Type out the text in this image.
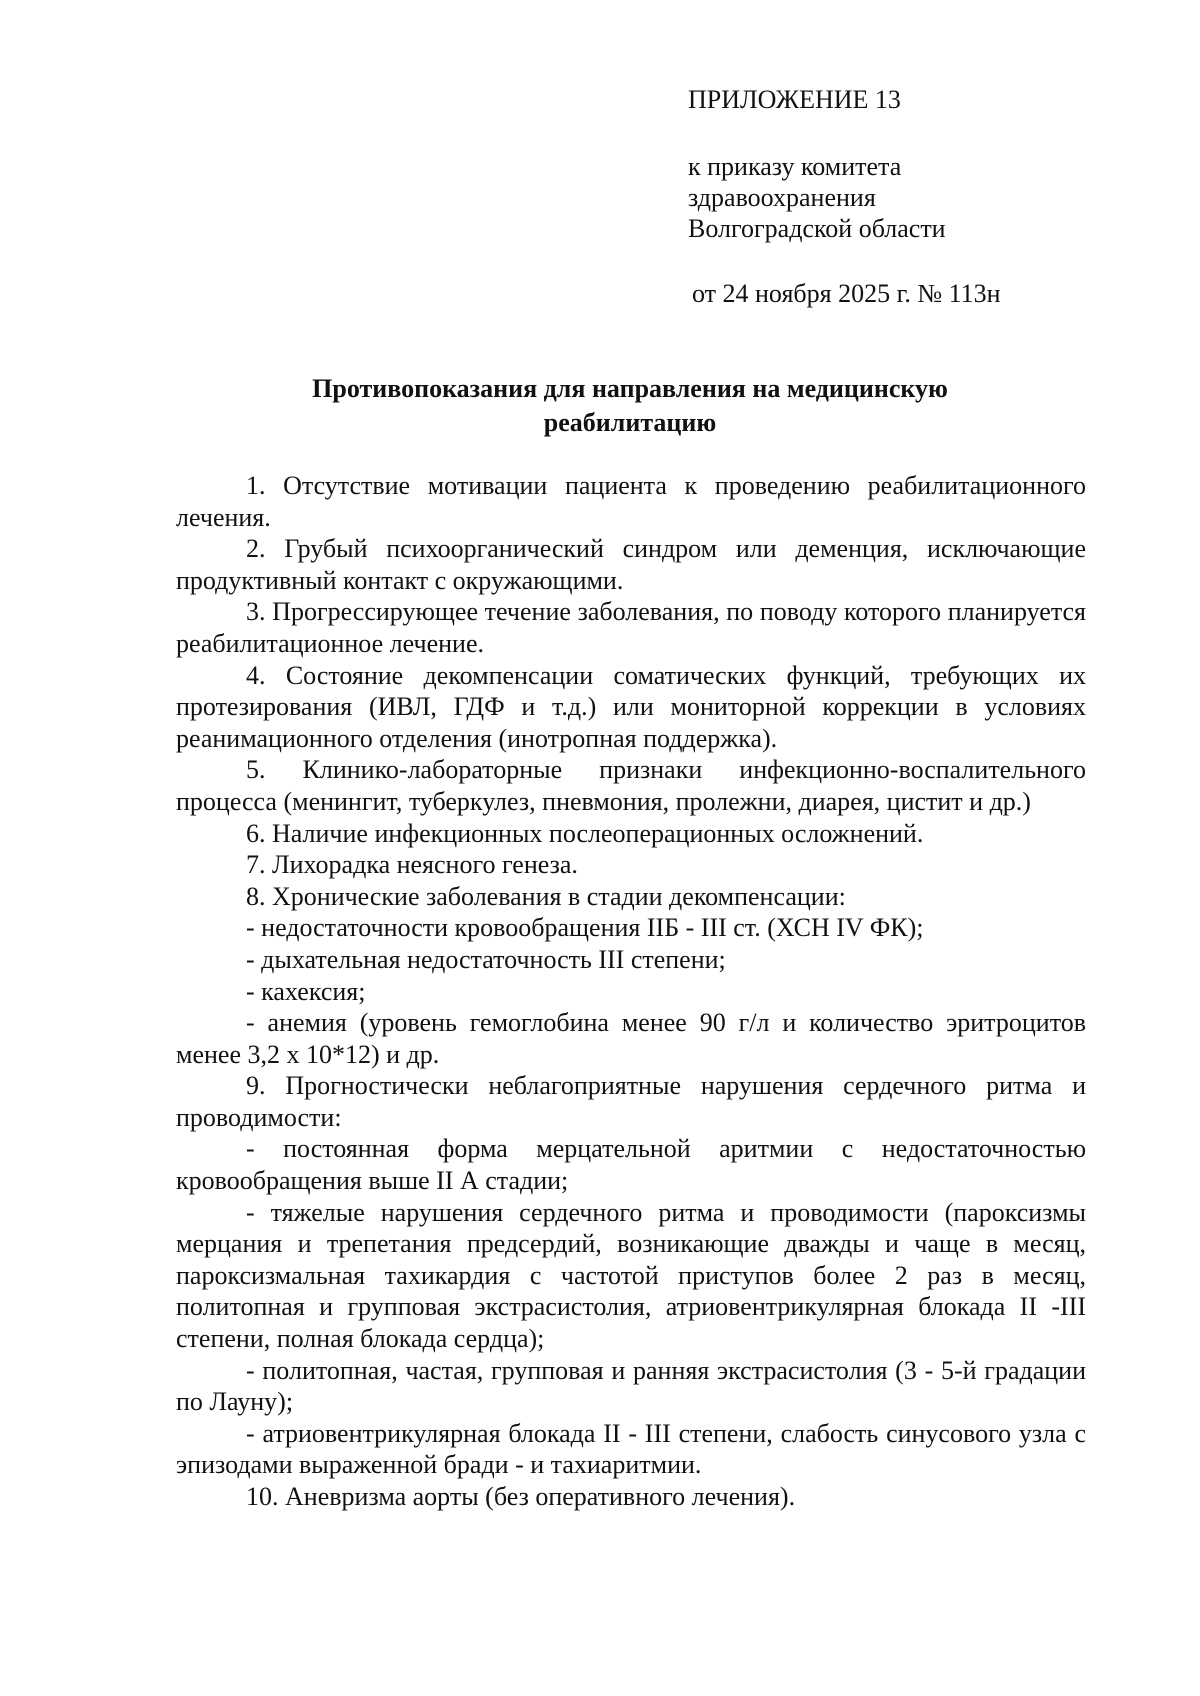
ПРИЛОЖЕНИЕ 13
к приказу комитета
здравоохранения
Волгоградской области
от 24 ноября 2025 г. № 113н
Противопоказания для направления на медицинскую
реабилитацию

1. Отсутствие мотивации пациента к проведению реабилитационного лечения.

2. Грубый психоорганический синдром или деменция, исключающие продуктивный контакт с окружающими.

3. Прогрессирующее течение заболевания, по поводу которого планируется реабилитационное лечение.

4. Состояние декомпенсации соматических функций, требующих их протезирования (ИВЛ, ГДФ и т.д.) или мониторной коррекции в условиях реанимационного отделения (инотропная поддержка).

5. Клинико-лабораторные признаки инфекционно-воспалительного процесса (менингит, туберкулез, пневмония, пролежни, диарея, цистит и др.)

6. Наличие инфекционных послеоперационных осложнений.

7. Лихорадка неясного генеза.

8. Хронические заболевания в стадии декомпенсации:

- недостаточности кровообращения IIБ - III ст. (ХСН IV ФК);

- дыхательная недостаточность III степени;

- кахексия;

- анемия (уровень гемоглобина менее 90 г/л и количество эритроцитов менее 3,2 х 10*12) и др.

9. Прогностически неблагоприятные нарушения сердечного ритма и проводимости:

- постоянная форма мерцательной аритмии с недостаточностью кровообращения выше II А стадии;

- тяжелые нарушения сердечного ритма и проводимости (пароксизмы мерцания и трепетания предсердий, возникающие дважды и чаще в месяц, пароксизмальная тахикардия с частотой приступов более 2 раз в месяц, политопная и групповая экстрасистолия, атриовентрикулярная блокада II -III степени, полная блокада сердца);

- политопная, частая, групповая и ранняя экстрасистолия (3 - 5-й градации по Лауну);

- атриовентрикулярная блокада II - III степени, слабость синусового узла с эпизодами выраженной бради - и тахиаритмии.

10. Аневризма аорты (без оперативного лечения).
